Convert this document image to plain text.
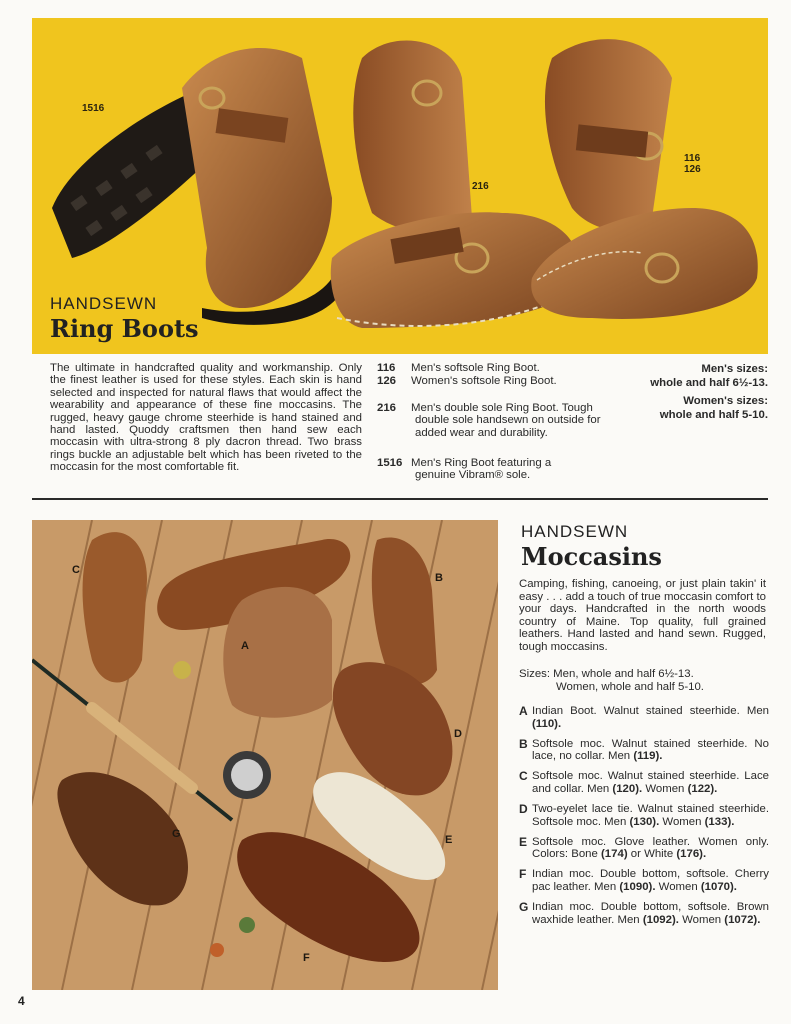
1516
216
116
126
HANDSEWN
Ring Boots
The ultimate in handcrafted quality and workmanship. Only the finest leather is used for these styles. Each skin is hand selected and inspected for natural flaws that would affect the wearability and appearance of these fine moccasins. The rugged, heavy gauge chrome steerhide is hand stained and hand lasted. Quoddy craftsmen then hand sew each moccasin with ultra-strong 8 ply dacron thread. Two brass rings buckle an adjustable belt which has been riveted to the moccasin for the most comfortable fit.
116 Men's softsole Ring Boot.
126 Women's softsole Ring Boot.
216 Men's double sole Ring Boot. Tough
double sole handsewn on outside for added wear and durability.
1516 Men's Ring Boot featuring a
genuine Vibram® sole.
Men's sizes:
whole and half 6½-13.
Women's sizes:
whole and half 5-10.
C
B
A
D
E
G
F
HANDSEWN
Moccasins
Camping, fishing, canoeing, or just plain takin' it easy . . . add a touch of true moccasin comfort to your days. Handcrafted in the north woods country of Maine. Top quality, full grained leathers. Hand lasted and hand sewn. Rugged, tough moccasins.
Sizes: Men, whole and half 6½-13.
Women, whole and half 5-10.
A Indian Boot. Walnut stained steerhide. Men (110).
B Softsole moc. Walnut stained steerhide. No lace, no collar. Men (119).
C Softsole moc. Walnut stained steerhide. Lace and collar. Men (120). Women (122).
D Two-eyelet lace tie. Walnut stained steerhide. Softsole moc. Men (130). Women (133).
E Softsole moc. Glove leather. Women only. Colors: Bone (174) or White (176).
F Indian moc. Double bottom, softsole. Cherry pac leather. Men (1090). Women (1070).
G Indian moc. Double bottom, softsole. Brown waxhide leather. Men (1092). Women (1072).
4
